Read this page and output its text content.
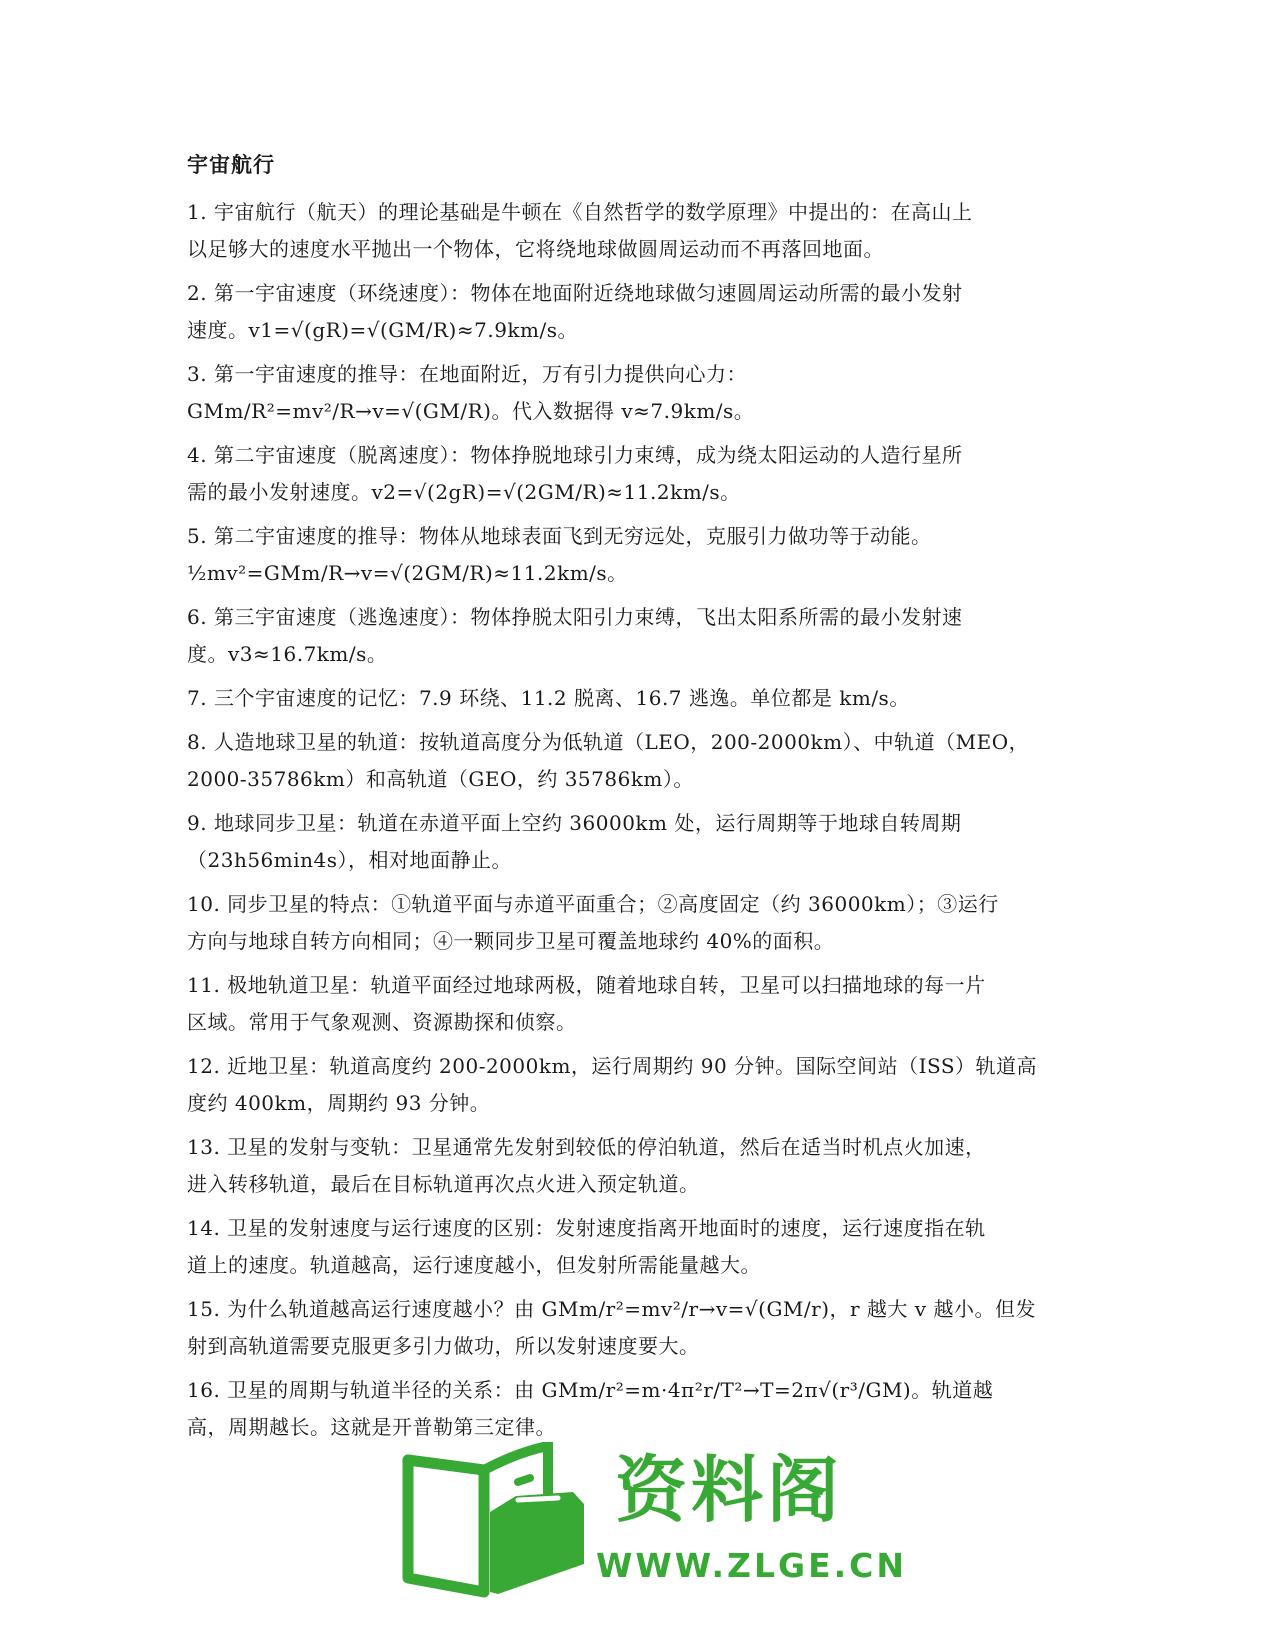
宇宙航行
1. 宇宙航行（航天）的理论基础是牛顿在《自然哲学的数学原理》中提出的：在高山上
以足够大的速度水平抛出一个物体，它将绕地球做圆周运动而不再落回地面。
2. 第一宇宙速度（环绕速度）：物体在地面附近绕地球做匀速圆周运动所需的最小发射
速度。v1=√(gR)=√(GM/R)≈7.9km/s。
3. 第一宇宙速度的推导：在地面附近，万有引力提供向心力：
GMm/R²=mv²/R→v=√(GM/R)。代入数据得 v≈7.9km/s。
4. 第二宇宙速度（脱离速度）：物体挣脱地球引力束缚，成为绕太阳运动的人造行星所
需的最小发射速度。v2=√(2gR)=√(2GM/R)≈11.2km/s。
5. 第二宇宙速度的推导：物体从地球表面飞到无穷远处，克服引力做功等于动能。
½mv²=GMm/R→v=√(2GM/R)≈11.2km/s。
6. 第三宇宙速度（逃逸速度）：物体挣脱太阳引力束缚，飞出太阳系所需的最小发射速
度。v3≈16.7km/s。
7. 三个宇宙速度的记忆：7.9 环绕、11.2 脱离、16.7 逃逸。单位都是 km/s。
8. 人造地球卫星的轨道：按轨道高度分为低轨道（LEO，200-2000km）、中轨道（MEO，
2000-35786km）和高轨道（GEO，约 35786km）。
9. 地球同步卫星：轨道在赤道平面上空约 36000km 处，运行周期等于地球自转周期
（23h56min4s），相对地面静止。
10. 同步卫星的特点：①轨道平面与赤道平面重合；②高度固定（约 36000km）；③运行
方向与地球自转方向相同；④一颗同步卫星可覆盖地球约 40%的面积。
11. 极地轨道卫星：轨道平面经过地球两极，随着地球自转，卫星可以扫描地球的每一片
区域。常用于气象观测、资源勘探和侦察。
12. 近地卫星：轨道高度约 200-2000km，运行周期约 90 分钟。国际空间站（ISS）轨道高
度约 400km，周期约 93 分钟。
13. 卫星的发射与变轨：卫星通常先发射到较低的停泊轨道，然后在适当时机点火加速，
进入转移轨道，最后在目标轨道再次点火进入预定轨道。
14. 卫星的发射速度与运行速度的区别：发射速度指离开地面时的速度，运行速度指在轨
道上的速度。轨道越高，运行速度越小，但发射所需能量越大。
15. 为什么轨道越高运行速度越小？由 GMm/r²=mv²/r→v=√(GM/r)，r 越大 v 越小。但发
射到高轨道需要克服更多引力做功，所以发射速度要大。
16. 卫星的周期与轨道半径的关系：由 GMm/r²=m·4π²r/T²→T=2π√(r³/GM)。轨道越
高，周期越长。这就是开普勒第三定律。
资料阁
WWW.ZLGE.CN
